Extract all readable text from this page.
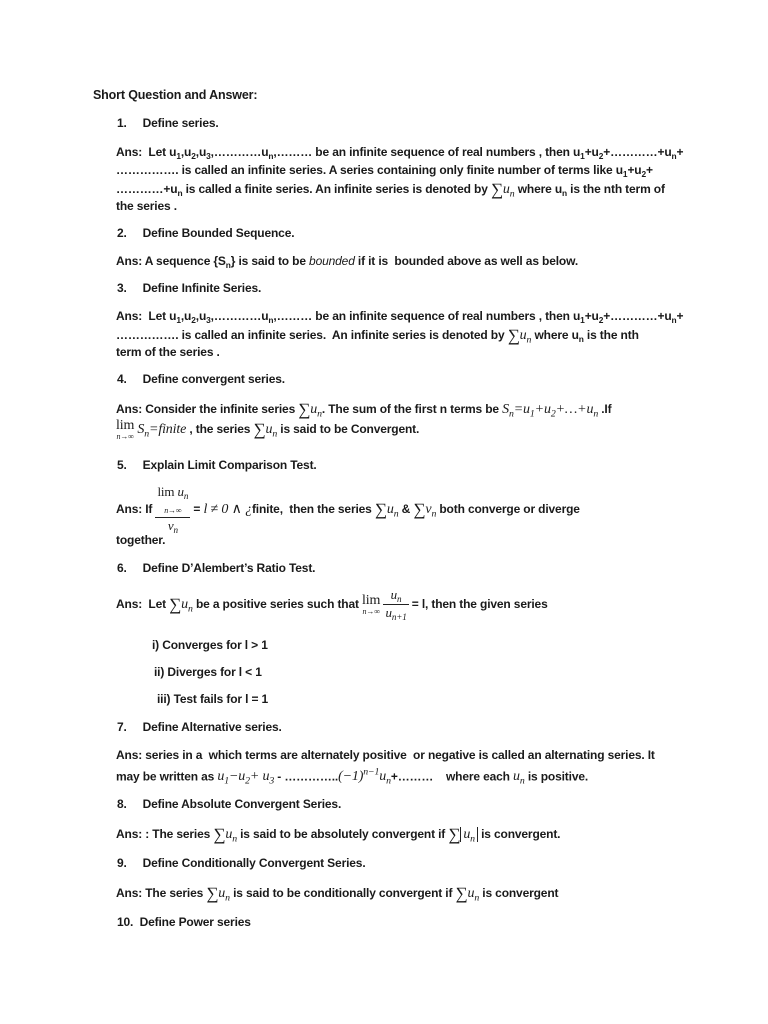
Short Question and Answer:
1. Define series.
Ans:  Let $u_1,u_2,u_3,\dots\dots\dots\dots u_n,\dots\dots\dots$ be an infinite sequence of real numbers , then $u_1+u_2+\dots\dots\dots\dots+u_n+$
……………. is called an infinite series. A series containing only finite number of terms like $u_1+u_2+$
$\dots\dots\dots\dots+u_n$ is called a finite series. An infinite series is denoted by $\sum u_n$ where $u_n$ is the nth term of
the series .
2. Define Bounded Sequence.
Ans: A sequence $\{S_n\}$ is said to be bounded if it is  bounded above as well as below.
3. Define Infinite Series.
Ans:  Let $u_1,u_2,u_3,\dots\dots\dots\dots u_n,\dots\dots\dots$ be an infinite sequence of real numbers , then $u_1+u_2+\dots\dots\dots\dots+u_n+$
……………. is called an infinite series.  An infinite series is denoted by $\sum u_n$ where $u_n$ is the nth
term of the series .
4. Define convergent series.
Ans: Consider the infinite series $\sum u_n$. The sum of the first n terms be $S_n=u_1+u_2+\dots+u_n$ .If
lim
n→∞ $S_n=finite$ , the series $\sum u_n$ is said to be Convergent.
5. Explain Limit Comparison Test.
Ans: If
$\lim u_n$
n→∞
$v_n$
= l ≠ 0 ∧ ¿finite,  then the series $\sum u_n$ & $\sum v_n$ both converge or diverge
together.
6. Define D’Alembert’s Ratio Test.
Ans:  Let $\sum u_n$ be a positive series such that lim
n→∞
$\frac{u_n}{u_{n+1}} = l$, then the given series
i) Converges for l > 1
ii) Diverges for l < 1
iii) Test fails for l = 1
7. Define Alternative series.
Ans: series in a  which terms are alternately positive  or negative is called an alternating series. It
may be written as $u_1-u_2+ u_3$ - $\dots\dots\dots\dots..(-1)^{n-1}u_n+\dots\dots\dots$    where each $u_n$ is positive.
8. Define Absolute Convergent Series.
Ans: : The series $\sum u_n$ is said to be absolutely convergent if ∑ $u_n$ is convergent.
9. Define Conditionally Convergent Series.
Ans: The series $\sum u_n$ is said to be conditionally convergent if $\sum u_n$ is convergent
10. Define Power series
